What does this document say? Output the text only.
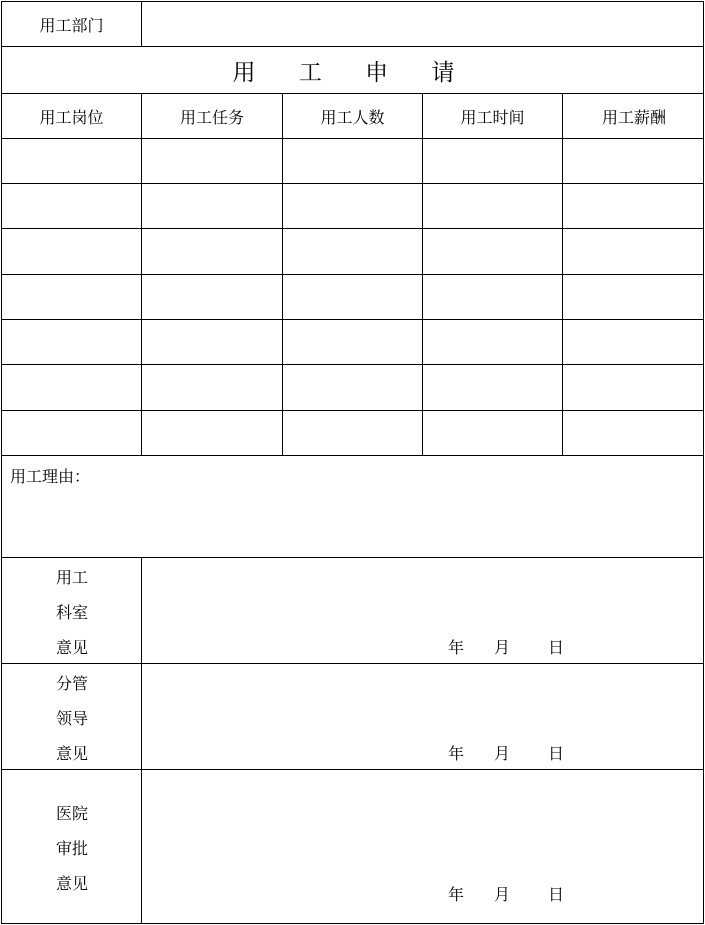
用工部门
用 工 申 请
用工岗位	用工任务	用工人数	用工时间	用工薪酬
用工理由：
用工
科室
意见	年 月 日
分管
领导
意见	年 月 日
医院
审批
意见
年 月 日
